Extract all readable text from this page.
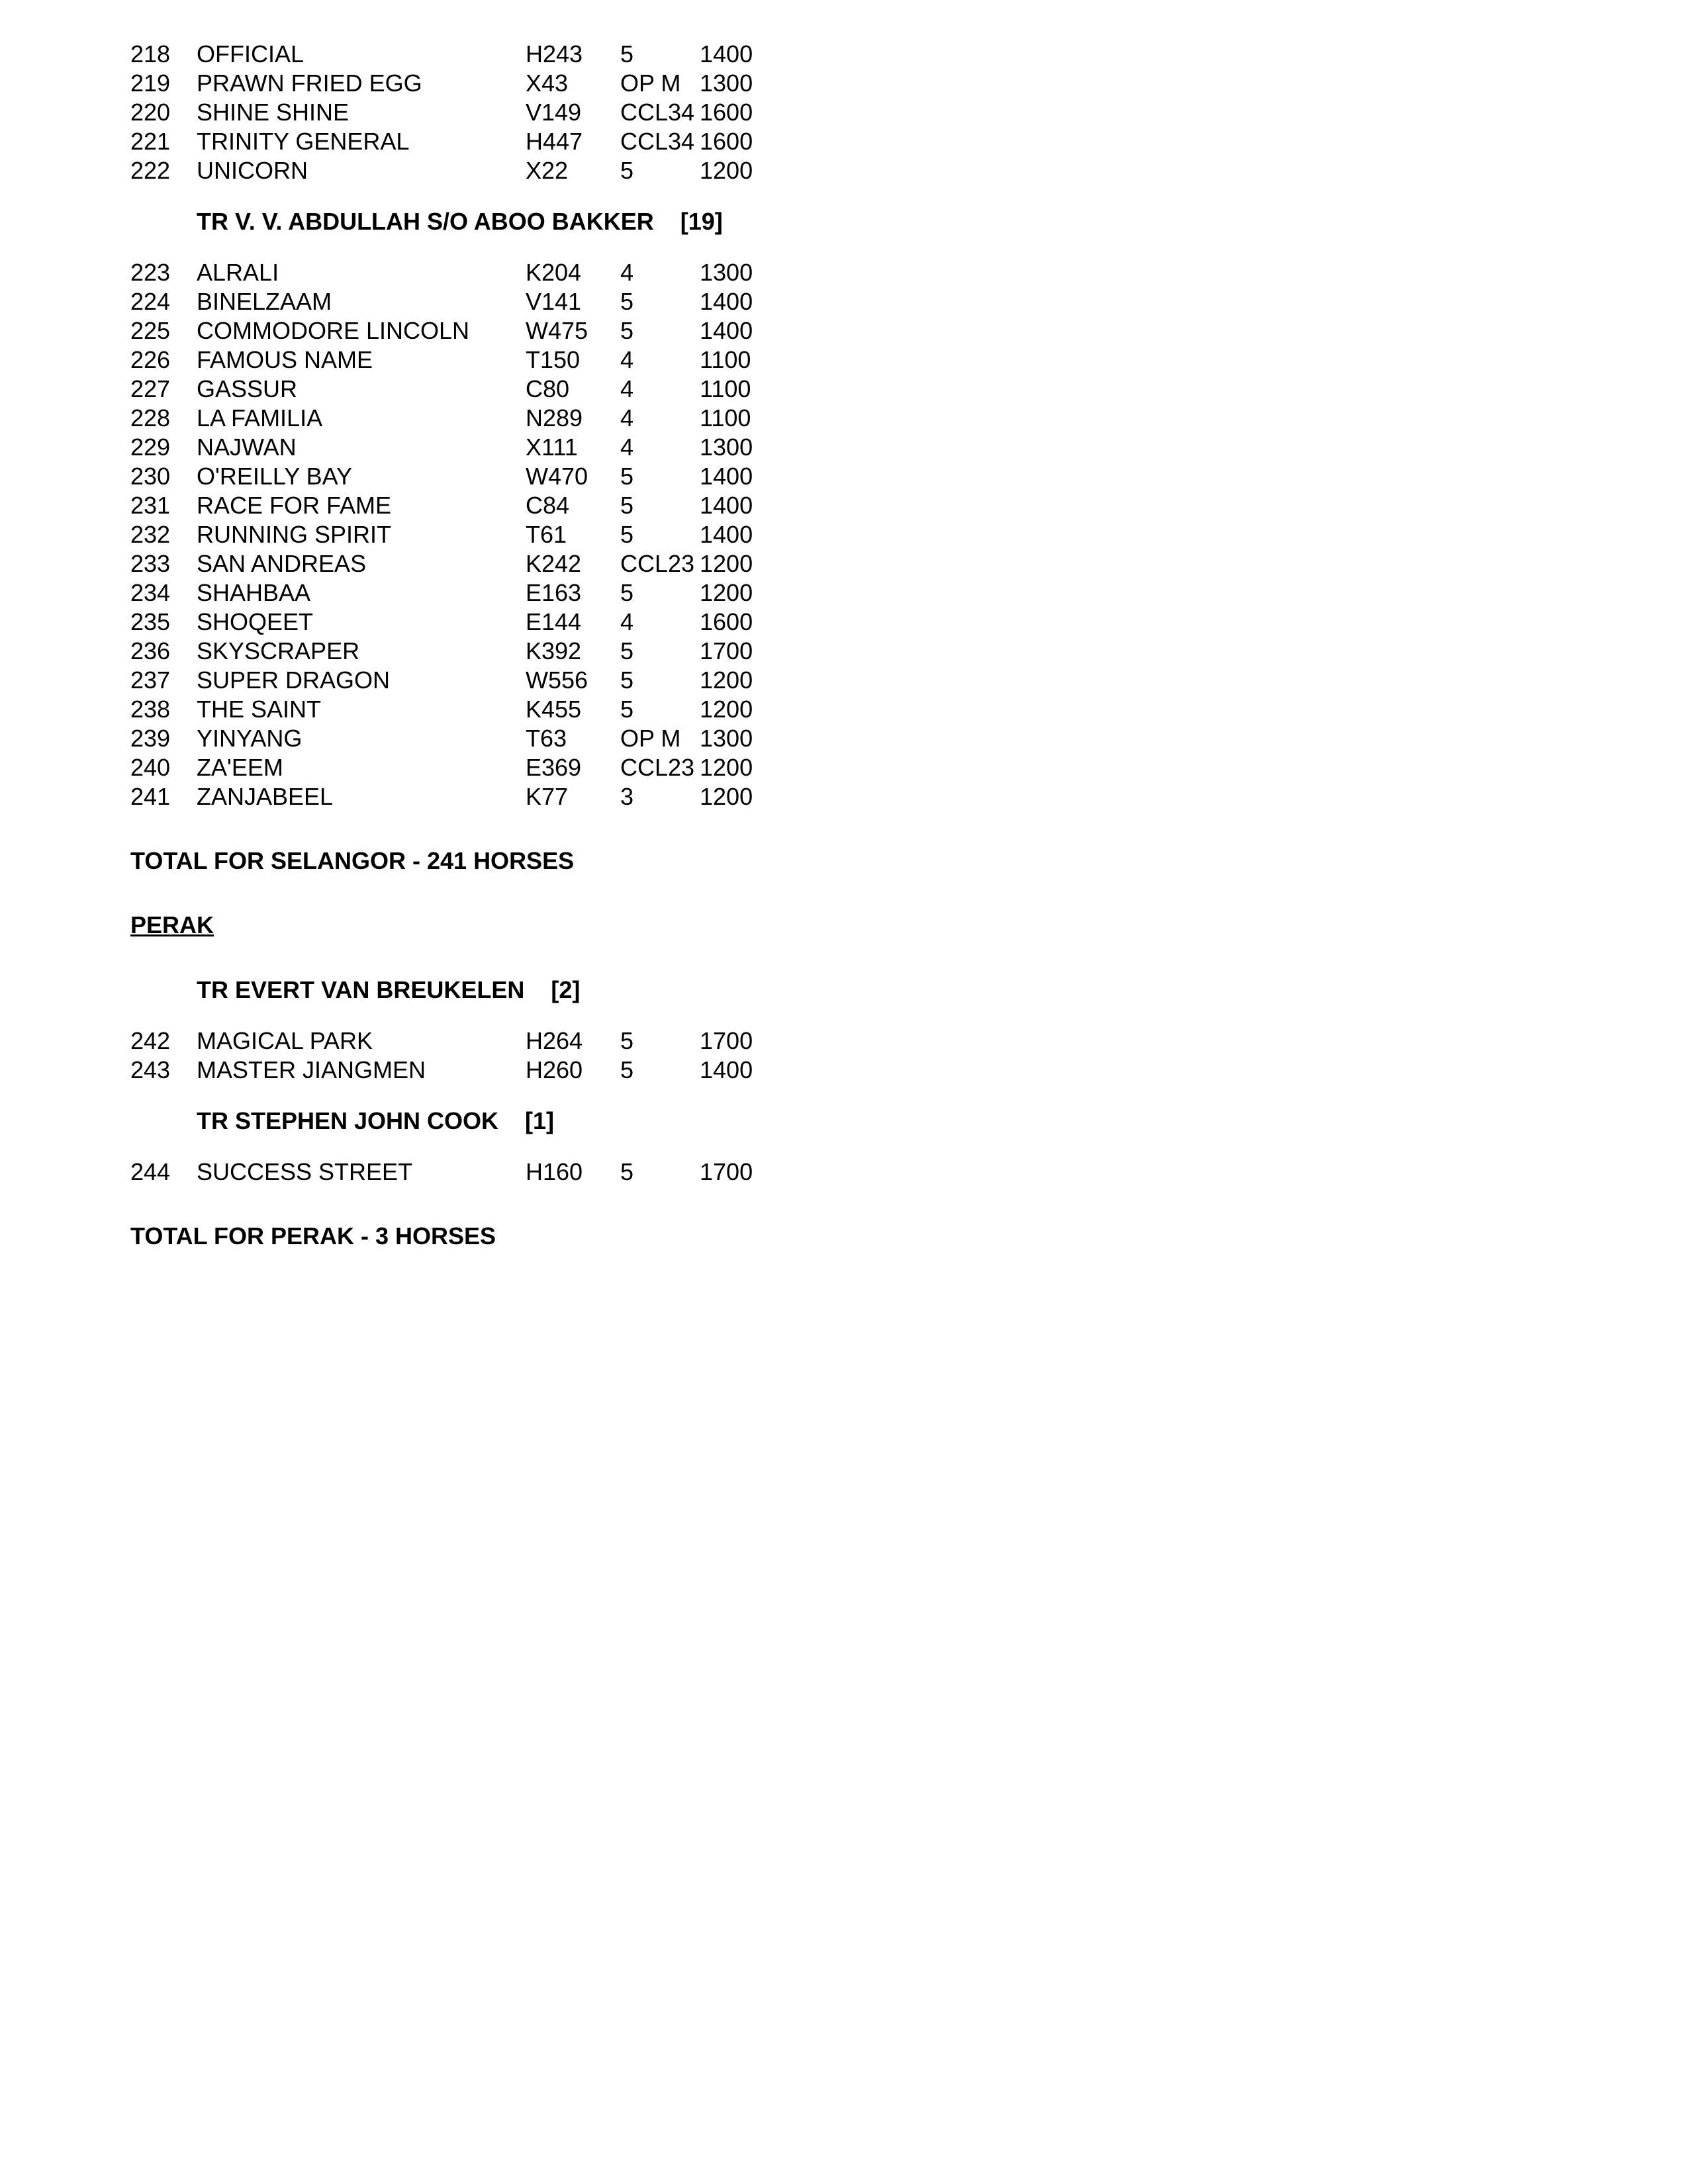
218 OFFICIAL	H243 5	1400
219 PRAWN FRIED EGG	X43 OP M 1300
220 SHINE SHINE	V149 CCL34 1600
221 TRINITY GENERAL	H447 CCL34 1600
222 UNICORN	X22 5	1200
TR V. V. ABDULLAH S/O ABOO BAKKER [19]
223 ALRALI	K204 4	1300
224 BINELZAAM	V141 5	1400
225 COMMODORE LINCOLN W475 5	1400
226 FAMOUS NAME	T150 4	1100
227 GASSUR	C80 4	1100
228 LA FAMILIA	N289 4	1100
229 NAJWAN	X111 4	1300
230 O'REILLY BAY	W470 5	1400
231 RACE FOR FAME	C84 5	1400
232 RUNNING SPIRIT	T61 5	1400
233 SAN ANDREAS	K242 CCL23 1200
234 SHAHBAA	E163 5	1200
235 SHOQEET	E144 4	1600
236 SKYSCRAPER	K392 5	1700
237 SUPER DRAGON	W556 5	1200
238 THE SAINT	K455 5	1200
239 YINYANG	T63 OP M 1300
240 ZA'EEM	E369 CCL23 1200
241 ZANJABEEL	K77 3	1200
TOTAL FOR SELANGOR - 241 HORSES
PERAK
TR EVERT VAN BREUKELEN [2]
242 MAGICAL PARK	H264 5	1700
243 MASTER JIANGMEN	H260 5	1400
TR STEPHEN JOHN COOK [1]
244 SUCCESS STREET	H160 5	1700
TOTAL FOR PERAK - 3 HORSES
